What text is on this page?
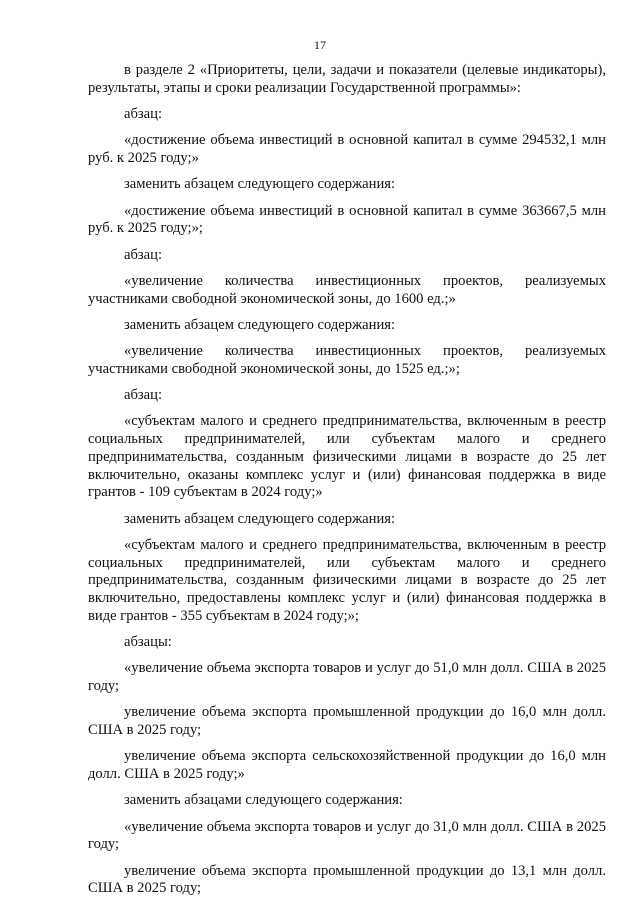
17

в разделе 2 «Приоритеты, цели, задачи и показатели (целевые индикаторы), результаты, этапы и сроки реализации Государственной программы»:

абзац:

«достижение объема инвестиций в основной капитал в сумме 294532,1 млн руб. к 2025 году;»

заменить абзацем следующего содержания:

«достижение объема инвестиций в основной капитал в сумме 363667,5 млн руб. к 2025 году;»;

абзац:

«увеличение количества инвестиционных проектов, реализуемых участниками свободной экономической зоны, до 1600 ед.;»

заменить абзацем следующего содержания:

«увеличение количества инвестиционных проектов, реализуемых участниками свободной экономической зоны, до 1525 ед.;»;

абзац:

«субъектам малого и среднего предпринимательства, включенным в реестр социальных предпринимателей, или субъектам малого и среднего предпринимательства, созданным физическими лицами в возрасте до 25 лет включительно, оказаны комплекс услуг и (или) финансовая поддержка в виде грантов - 109 субъектам в 2024 году;»

заменить абзацем следующего содержания:

«субъектам малого и среднего предпринимательства, включенным в реестр социальных предпринимателей, или субъектам малого и среднего предпринимательства, созданным физическими лицами в возрасте до 25 лет включительно, предоставлены комплекс услуг и (или) финансовая поддержка в виде грантов - 355 субъектам в 2024 году;»;

абзацы:

«увеличение объема экспорта товаров и услуг до 51,0 млн долл. США в 2025 году;

увеличение объема экспорта промышленной продукции до 16,0 млн долл. США в 2025 году;

увеличение объема экспорта сельскохозяйственной продукции до 16,0 млн долл. США в 2025 году;»

заменить абзацами следующего содержания:

«увеличение объема экспорта товаров и услуг до 31,0 млн долл. США в 2025 году;

увеличение объема экспорта промышленной продукции до 13,1 млн долл. США в 2025 году;
